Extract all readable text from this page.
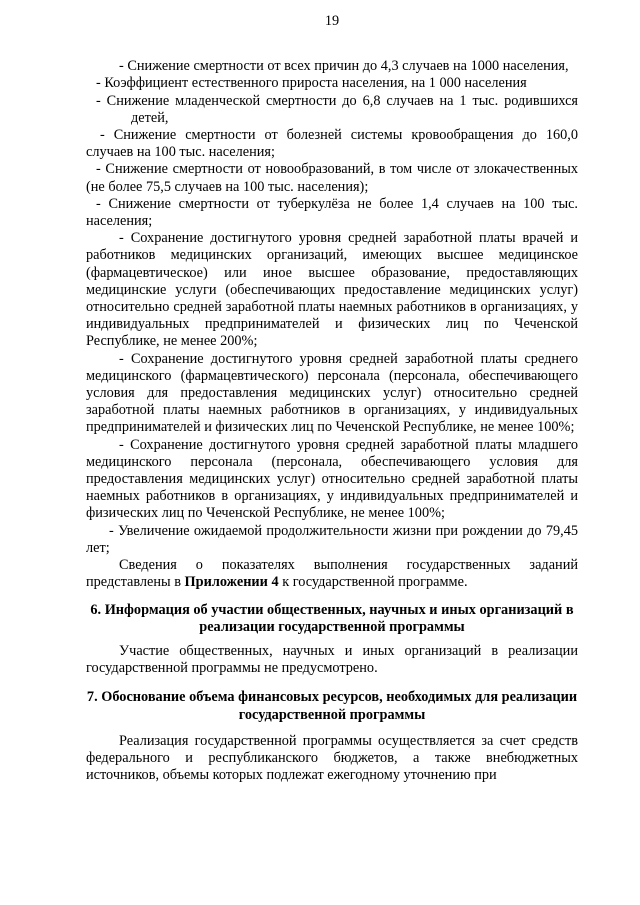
19

- Снижение смертности от всех причин до 4,3 случаев на 1000 населения,

- Коэффициент естественного прироста населения, на 1 000 населения

- Снижение младенческой смертности до 6,8 случаев на 1 тыс. родившихся детей,

- Снижение смертности от болезней системы кровообращения до 160,0 случаев на 100 тыс. населения;

- Снижение смертности от новообразований, в том числе от злокачественных (не более 75,5 случаев на 100 тыс. населения);

- Снижение смертности от туберкулёза не более 1,4 случаев на 100 тыс. населения;

- Сохранение достигнутого уровня средней заработной платы врачей и работников медицинских организаций, имеющих высшее медицинское (фармацевтическое) или иное высшее образование, предоставляющих медицинские услуги (обеспечивающих предоставление медицинских услуг) относительно средней заработной платы наемных работников в организациях, у индивидуальных предпринимателей и физических лиц по Чеченской Республике, не менее 200%;

- Сохранение достигнутого уровня средней заработной платы среднего медицинского (фармацевтического) персонала (персонала, обеспечивающего условия для предоставления медицинских услуг) относительно средней заработной платы наемных работников в организациях, у индивидуальных предпринимателей и физических лиц по Чеченской Республике, не менее 100%;

- Сохранение достигнутого уровня средней заработной платы младшего медицинского персонала (персонала, обеспечивающего условия для предоставления медицинских услуг) относительно средней заработной платы наемных работников в организациях, у индивидуальных предпринимателей и физических лиц по Чеченской Республике, не менее 100%;

- Увеличение ожидаемой продолжительности жизни при рождении до 79,45 лет;

Сведения о показателях выполнения государственных заданий представлены в Приложении 4 к государственной программе.

6. Информация об участии общественных, научных и иных организаций в реализации государственной программы

Участие общественных, научных и иных организаций в реализации государственной программы не предусмотрено.

7. Обоснование объема финансовых ресурсов, необходимых для реализации государственной программы

Реализация государственной программы осуществляется за счет средств федерального и республиканского бюджетов, а также внебюджетных источников, объемы которых подлежат ежегодному уточнению при
